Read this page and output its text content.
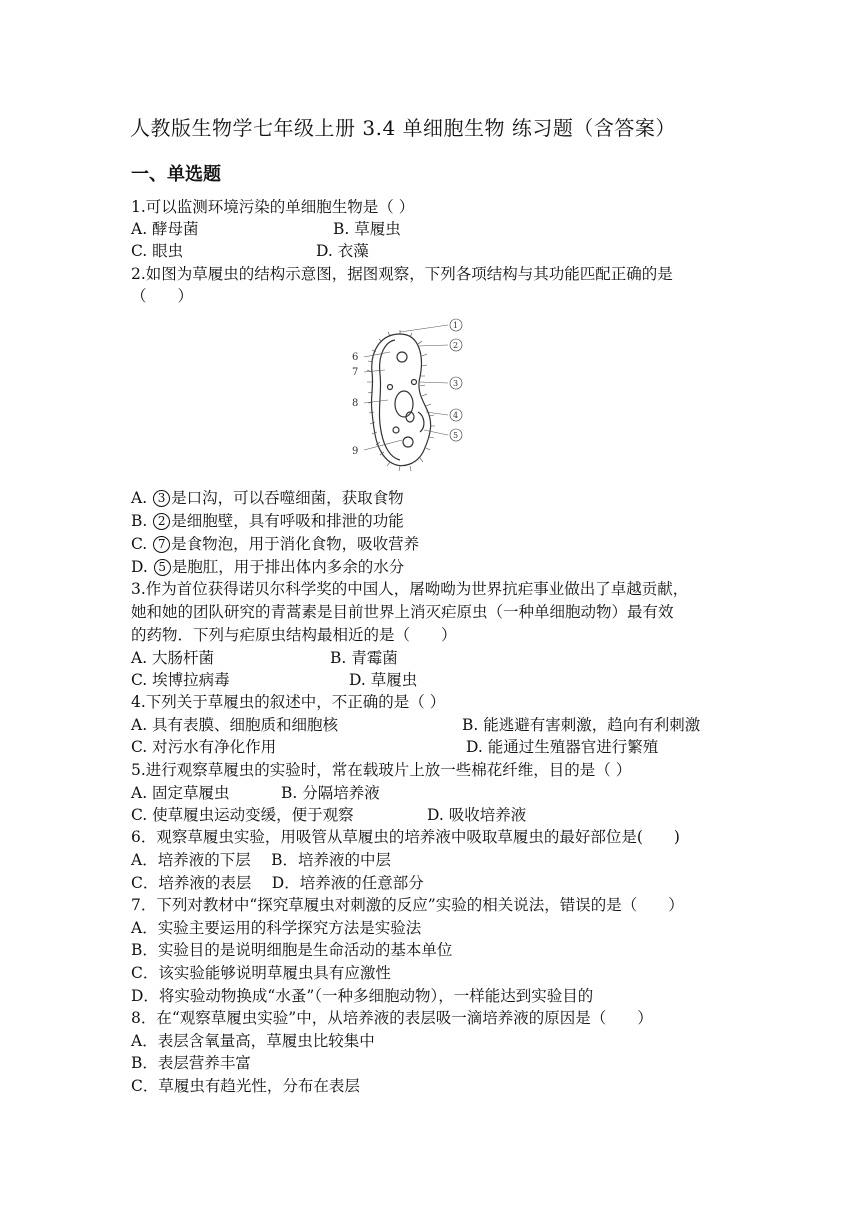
人教版生物学七年级上册 3.4 单细胞生物 练习题（含答案）
一、单选题
1.可以监测环境污染的单细胞生物是（ ）
A. 酵母菌	B. 草履虫
C. 眼虫	D. 衣藻
2.如图为草履虫的结构示意图，据图观察，下列各项结构与其功能匹配正确的是
（　　）
1
2
3
4
5
6
7
8
9
A. 3 是口沟，可以吞噬细菌，获取食物
B. 2 是细胞壁，具有呼吸和排泄的功能
C. 7 是食物泡，用于消化食物，吸收营养
D. 5 是胞肛，用于排出体内多余的水分
3.作为首位获得诺贝尔科学奖的中国人，屠呦呦为世界抗疟事业做出了卓越贡献，
她和她的团队研究的青蒿素是目前世界上消灭疟原虫（一种单细胞动物）最有效
的药物．下列与疟原虫结构最相近的是（　　）
A. 大肠杆菌	B. 青霉菌
C. 埃博拉病毒	D. 草履虫
4.下列关于草履虫的叙述中，不正确的是（ ）
A. 具有表膜、细胞质和细胞核	B. 能逃避有害刺激，趋向有利刺激
C. 对污水有净化作用	D. 能通过生殖器官进行繁殖
5.进行观察草履虫的实验时，常在载玻片上放一些棉花纤维，目的是（ ）
A. 固定草履虫	B. 分隔培养液
C. 使草履虫运动变缓，便于观察	D. 吸收培养液
6．观察草履虫实验，用吸管从草履虫的培养液中吸取草履虫的最好部位是(　　)
A．培养液的下层　 B．培养液的中层
C．培养液的表层　 D．培养液的任意部分
7．下列对教材中“探究草履虫对刺激的反应”实验的相关说法，错误的是（　　）
A．实验主要运用的科学探究方法是实验法
B．实验目的是说明细胞是生命活动的基本单位
C．该实验能够说明草履虫具有应激性
D．将实验动物换成“水蚤”（一种多细胞动物），一样能达到实验目的
8．在“观察草履虫实验”中，从培养液的表层吸一滴培养液的原因是（　　）
A．表层含氧量高，草履虫比较集中
B．表层营养丰富
C．草履虫有趋光性，分布在表层
